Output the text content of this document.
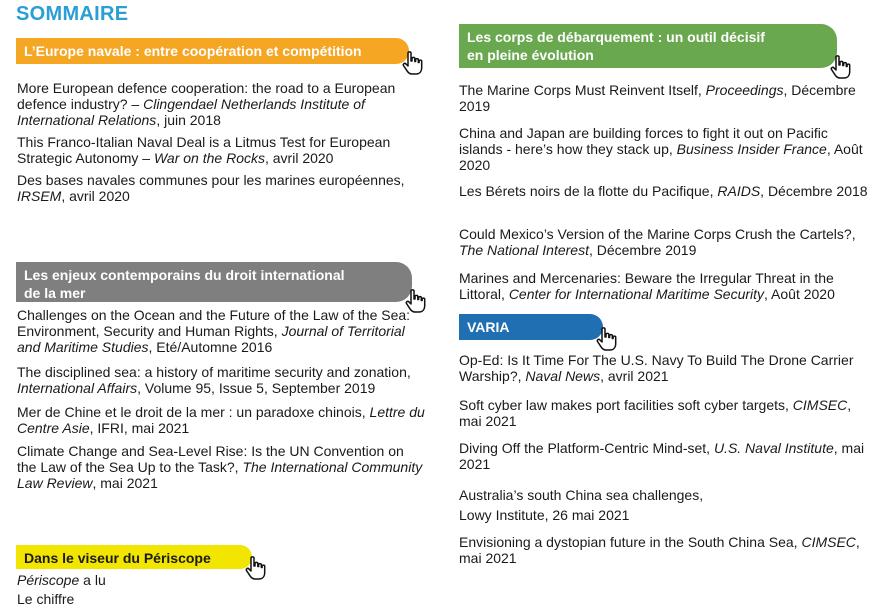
SOMMAIRE
L’Europe navale : entre coopération et compétition
More European defence cooperation: the road to a European defence industry? – Clingendael Netherlands Institute of International Relations, juin 2018
This Franco-Italian Naval Deal is a Litmus Test for European Strategic Autonomy – War on the Rocks, avril 2020
Des bases navales communes pour les marines européennes, IRSEM, avril 2020
Les enjeux contemporains du droit international
de la mer
Challenges on the Ocean and the Future of the Law of the Sea: Environment, Security and Human Rights, Journal of Territorial and Maritime Studies, Eté/Automne 2016
The disciplined sea: a history of maritime security and zonation, International Affairs, Volume 95, Issue 5, September 2019
Mer de Chine et le droit de la mer : un paradoxe chinois, Lettre du Centre Asie, IFRI, mai 2021
Climate Change and Sea-Level Rise: Is the UN Convention on the Law of the Sea Up to the Task?, The International Community Law Review, mai 2021
Dans le viseur du Périscope
Périscope a lu
Le chiffre
Les corps de débarquement : un outil décisif
en pleine évolution
The Marine Corps Must Reinvent Itself, Proceedings, Décembre 2019
China and Japan are building forces to fight it out on Pacific islands - here’s how they stack up, Business Insider France, Août 2020
Les Bérets noirs de la flotte du Pacifique, RAIDS, Décembre 2018
Could Mexico’s Version of the Marine Corps Crush the Cartels?, The National Interest, Décembre 2019
Marines and Mercenaries: Beware the Irregular Threat in the Littoral, Center for International Maritime Security, Août 2020
VARIA
Op-Ed: Is It Time For The U.S. Navy To Build The Drone Carrier Warship?, Naval News, avril 2021
Soft cyber law makes port facilities soft cyber targets, CIMSEC, mai 2021
Diving Off the Platform-Centric Mind-set, U.S. Naval Institute, mai 2021
Australia’s south China sea challenges,
Lowy Institute, 26 mai 2021
Envisioning a dystopian future in the South China Sea, CIMSEC, mai 2021
